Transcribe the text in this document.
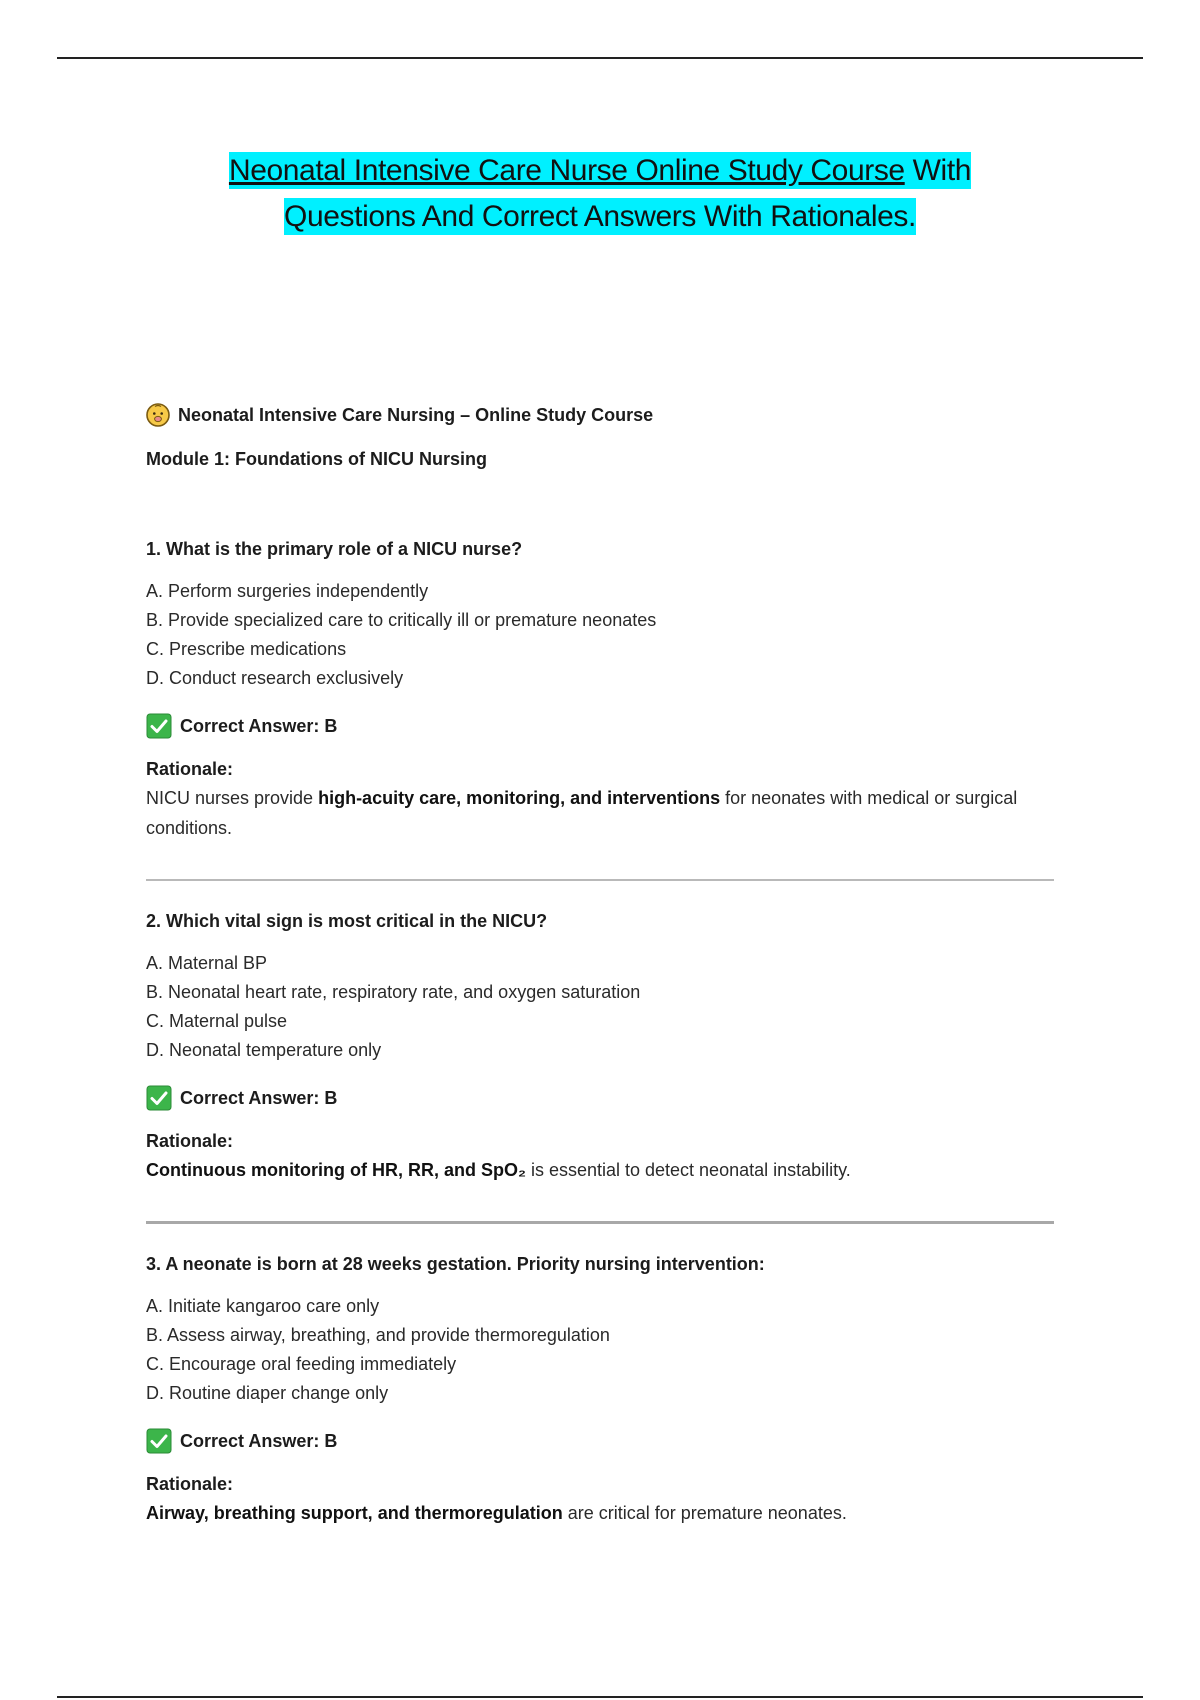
Neonatal Intensive Care Nurse Online Study Course With
Questions And Correct Answers With Rationales.
Neonatal Intensive Care Nursing – Online Study Course
Module 1: Foundations of NICU Nursing
1. What is the primary role of a NICU nurse?
A. Perform surgeries independently
B. Provide specialized care to critically ill or premature neonates
C. Prescribe medications
D. Conduct research exclusively
Correct Answer: B
Rationale:
NICU nurses provide high-acuity care, monitoring, and interventions for neonates with medical or surgical conditions.
2. Which vital sign is most critical in the NICU?
A. Maternal BP
B. Neonatal heart rate, respiratory rate, and oxygen saturation
C. Maternal pulse
D. Neonatal temperature only
Correct Answer: B
Rationale:
Continuous monitoring of HR, RR, and SpO₂ is essential to detect neonatal instability.
3. A neonate is born at 28 weeks gestation. Priority nursing intervention:
A. Initiate kangaroo care only
B. Assess airway, breathing, and provide thermoregulation
C. Encourage oral feeding immediately
D. Routine diaper change only
Correct Answer: B
Rationale:
Airway, breathing support, and thermoregulation are critical for premature neonates.
